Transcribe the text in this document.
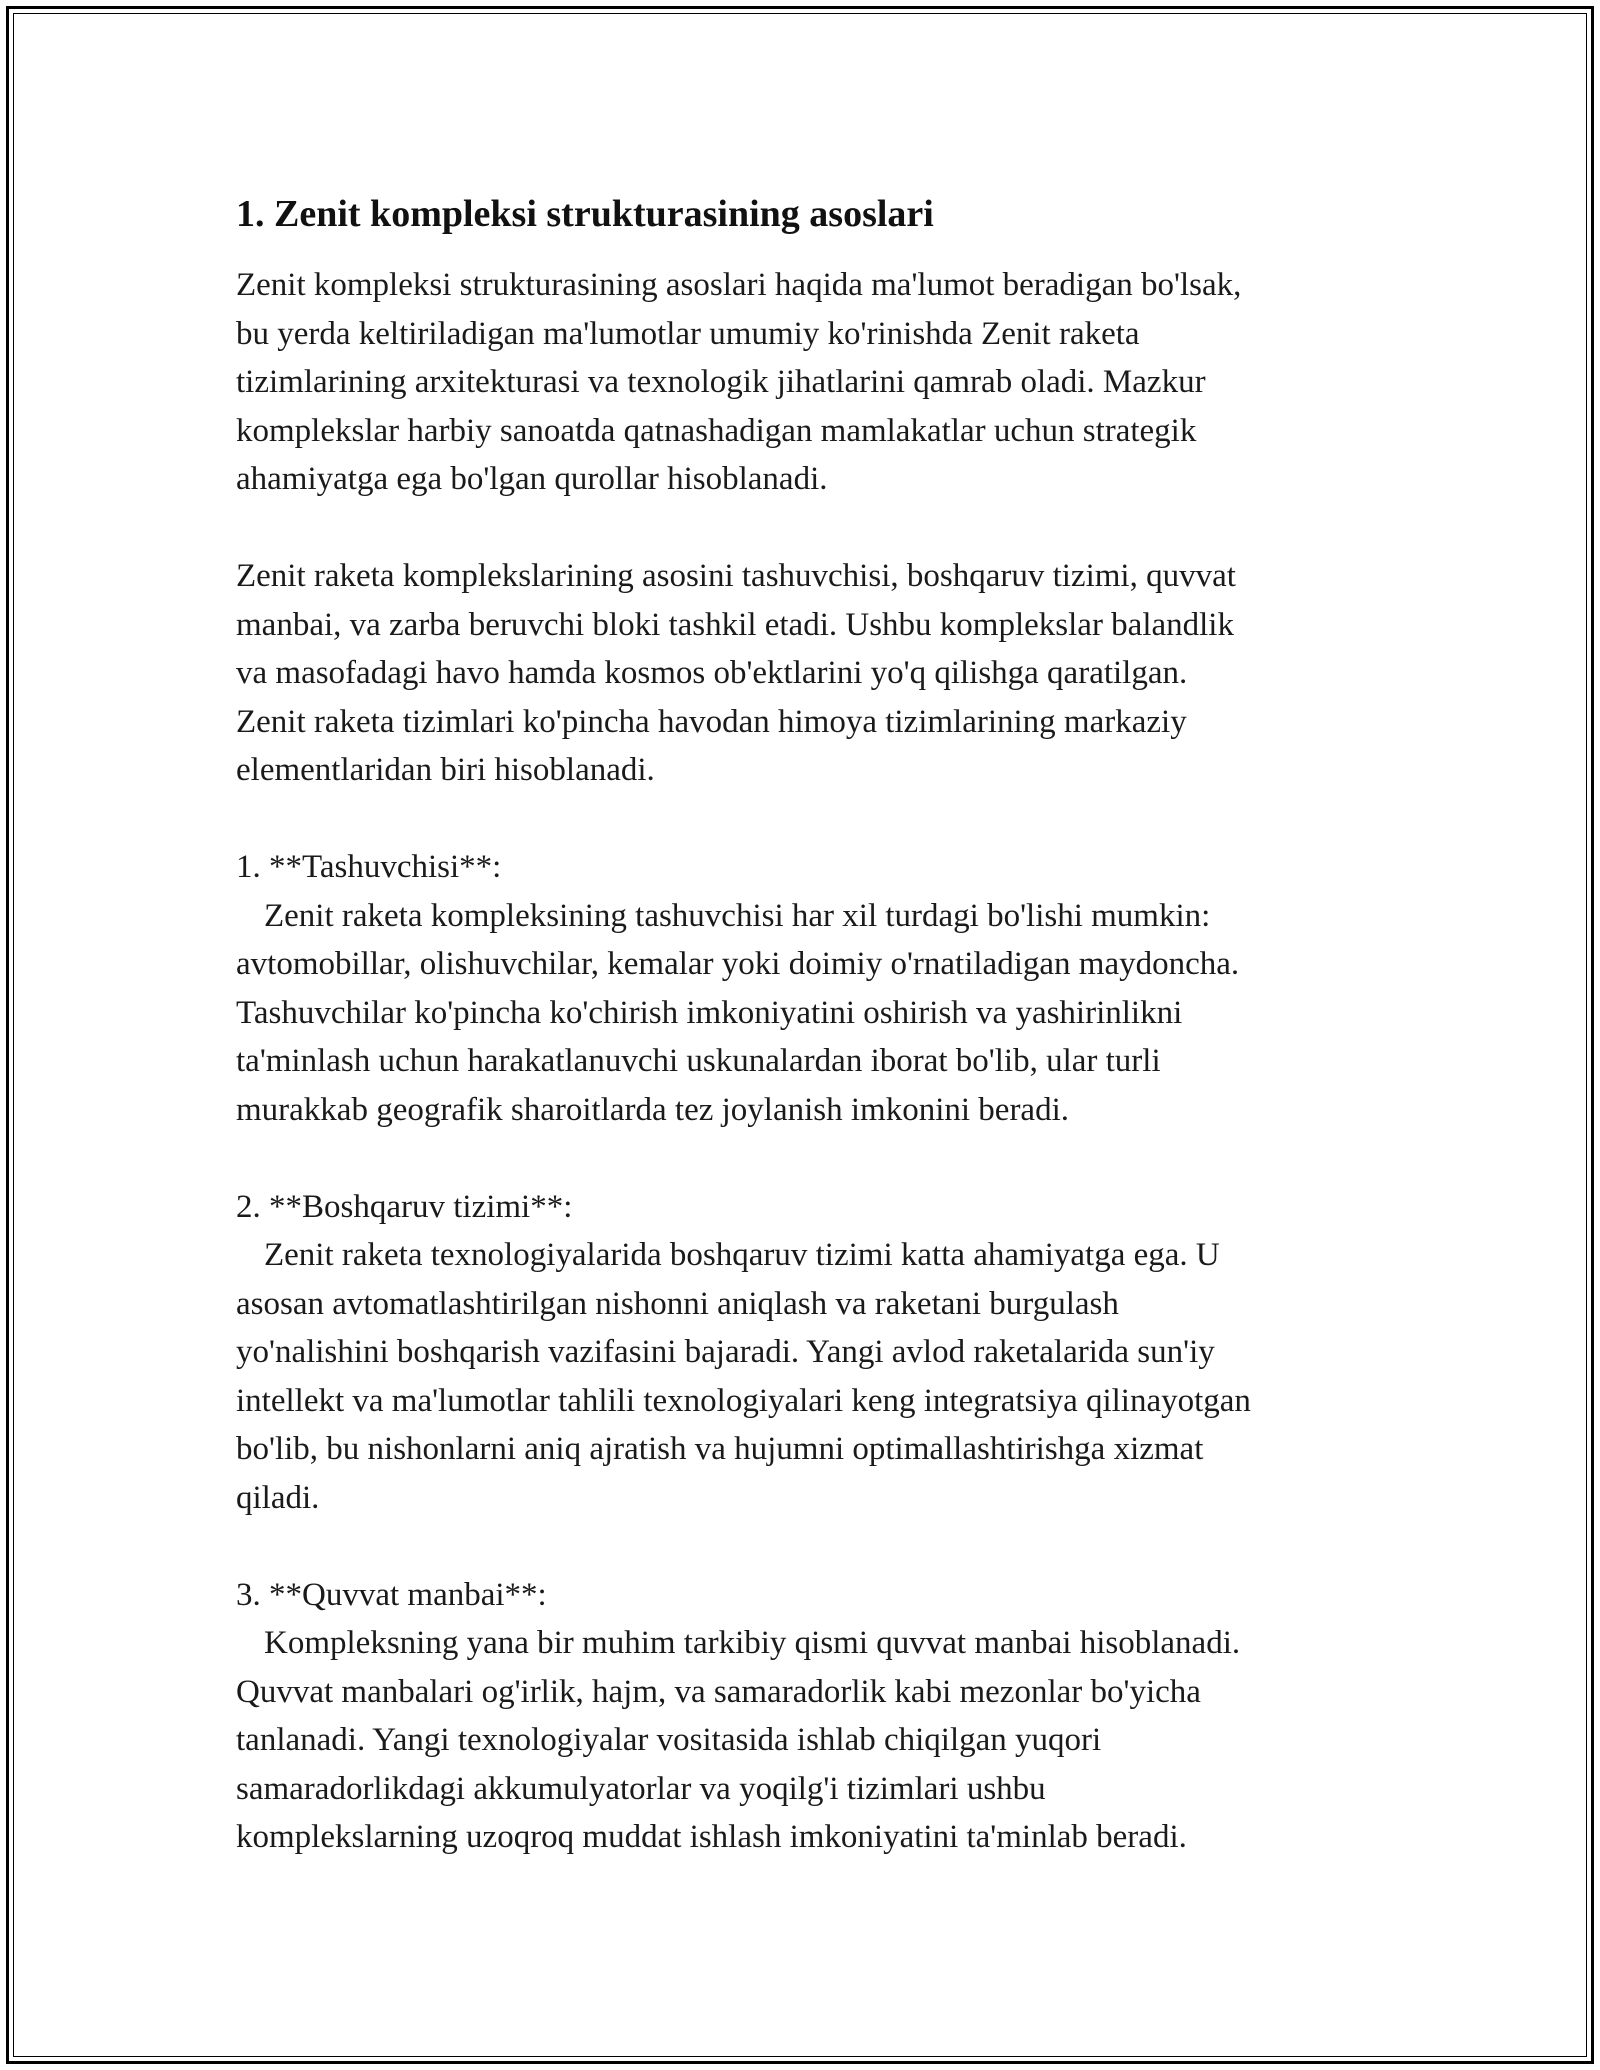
1. Zenit kompleksi strukturasining asoslari

Zenit kompleksi strukturasining asoslari haqida ma'lumot beradigan bo'lsak,
bu yerda keltiriladigan ma'lumotlar umumiy ko'rinishda Zenit raketa
tizimlarining arxitekturasi va texnologik jihatlarini qamrab oladi. Mazkur
komplekslar harbiy sanoatda qatnashadigan mamlakatlar uchun strategik
ahamiyatga ega bo'lgan qurollar hisoblanadi.

Zenit raketa komplekslarining asosini tashuvchisi, boshqaruv tizimi, quvvat
manbai, va zarba beruvchi bloki tashkil etadi. Ushbu komplekslar balandlik
va masofadagi havo hamda kosmos ob'ektlarini yo'q qilishga qaratilgan.
Zenit raketa tizimlari ko'pincha havodan himoya tizimlarining markaziy
elementlaridan biri hisoblanadi.

1. **Tashuvchisi**:

Zenit raketa kompleksining tashuvchisi har xil turdagi bo'lishi mumkin:
avtomobillar, olishuvchilar, kemalar yoki doimiy o'rnatiladigan maydoncha.
Tashuvchilar ko'pincha ko'chirish imkoniyatini oshirish va yashirinlikni
ta'minlash uchun harakatlanuvchi uskunalardan iborat bo'lib, ular turli
murakkab geografik sharoitlarda tez joylanish imkonini beradi.

2. **Boshqaruv tizimi**:

Zenit raketa texnologiyalarida boshqaruv tizimi katta ahamiyatga ega. U
asosan avtomatlashtirilgan nishonni aniqlash va raketani burgulash
yo'nalishini boshqarish vazifasini bajaradi. Yangi avlod raketalarida sun'iy
intellekt va ma'lumotlar tahlili texnologiyalari keng integratsiya qilinayotgan
bo'lib, bu nishonlarni aniq ajratish va hujumni optimallashtirishga xizmat
qiladi.

3. **Quvvat manbai**:

Kompleksning yana bir muhim tarkibiy qismi quvvat manbai hisoblanadi.
Quvvat manbalari og'irlik, hajm, va samaradorlik kabi mezonlar bo'yicha
tanlanadi. Yangi texnologiyalar vositasida ishlab chiqilgan yuqori
samaradorlikdagi akkumulyatorlar va yoqilg'i tizimlari ushbu
komplekslarning uzoqroq muddat ishlash imkoniyatini ta'minlab beradi.
